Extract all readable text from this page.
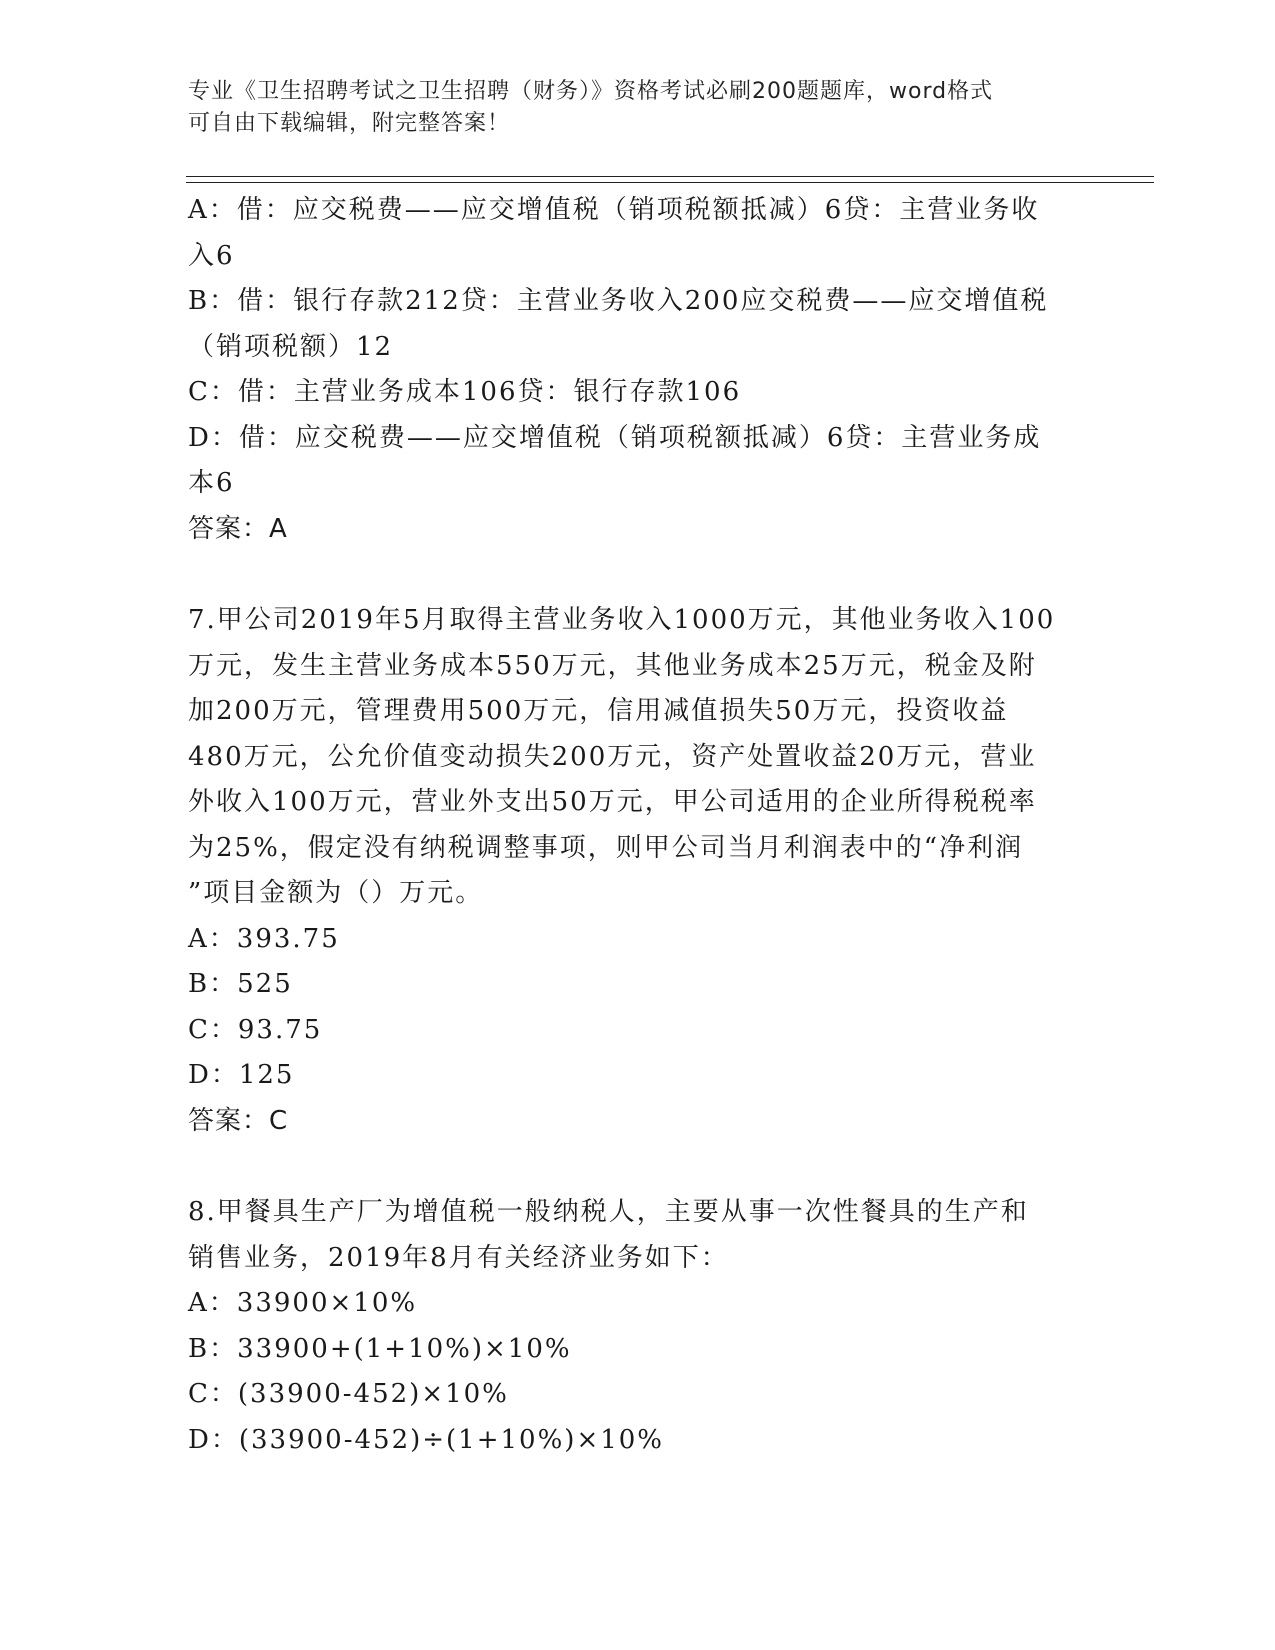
专业《卫生招聘考试之卫生招聘（财务）》资格考试必刷200题题库，word格式
可自由下载编辑，附完整答案！
A：借：应交税费——应交增值税（销项税额抵减）6贷：主营业务收
入6
B：借：银行存款212贷：主营业务收入200应交税费——应交增值税
（销项税额）12
C：借：主营业务成本106贷：银行存款106
D：借：应交税费——应交增值税（销项税额抵减）6贷：主营业务成
本6
答案：A
7.甲公司2019年5月取得主营业务收入1000万元，其他业务收入100
万元，发生主营业务成本550万元，其他业务成本25万元，税金及附
加200万元，管理费用500万元，信用减值损失50万元，投资收益
480万元，公允价值变动损失200万元，资产处置收益20万元，营业
外收入100万元，营业外支出50万元，甲公司适用的企业所得税税率
为25%，假定没有纳税调整事项，则甲公司当月利润表中的“净利润
”项目金额为（）万元。
A：393.75
B：525
C：93.75
D：125
答案：C
8.甲餐具生产厂为增值税一般纳税人，主要从事一次性餐具的生产和
销售业务，2019年8月有关经济业务如下：
A：33900×10%
B：33900+(1+10%)×10%
C：(33900-452)×10%
D：(33900-452)÷(1+10%)×10%
